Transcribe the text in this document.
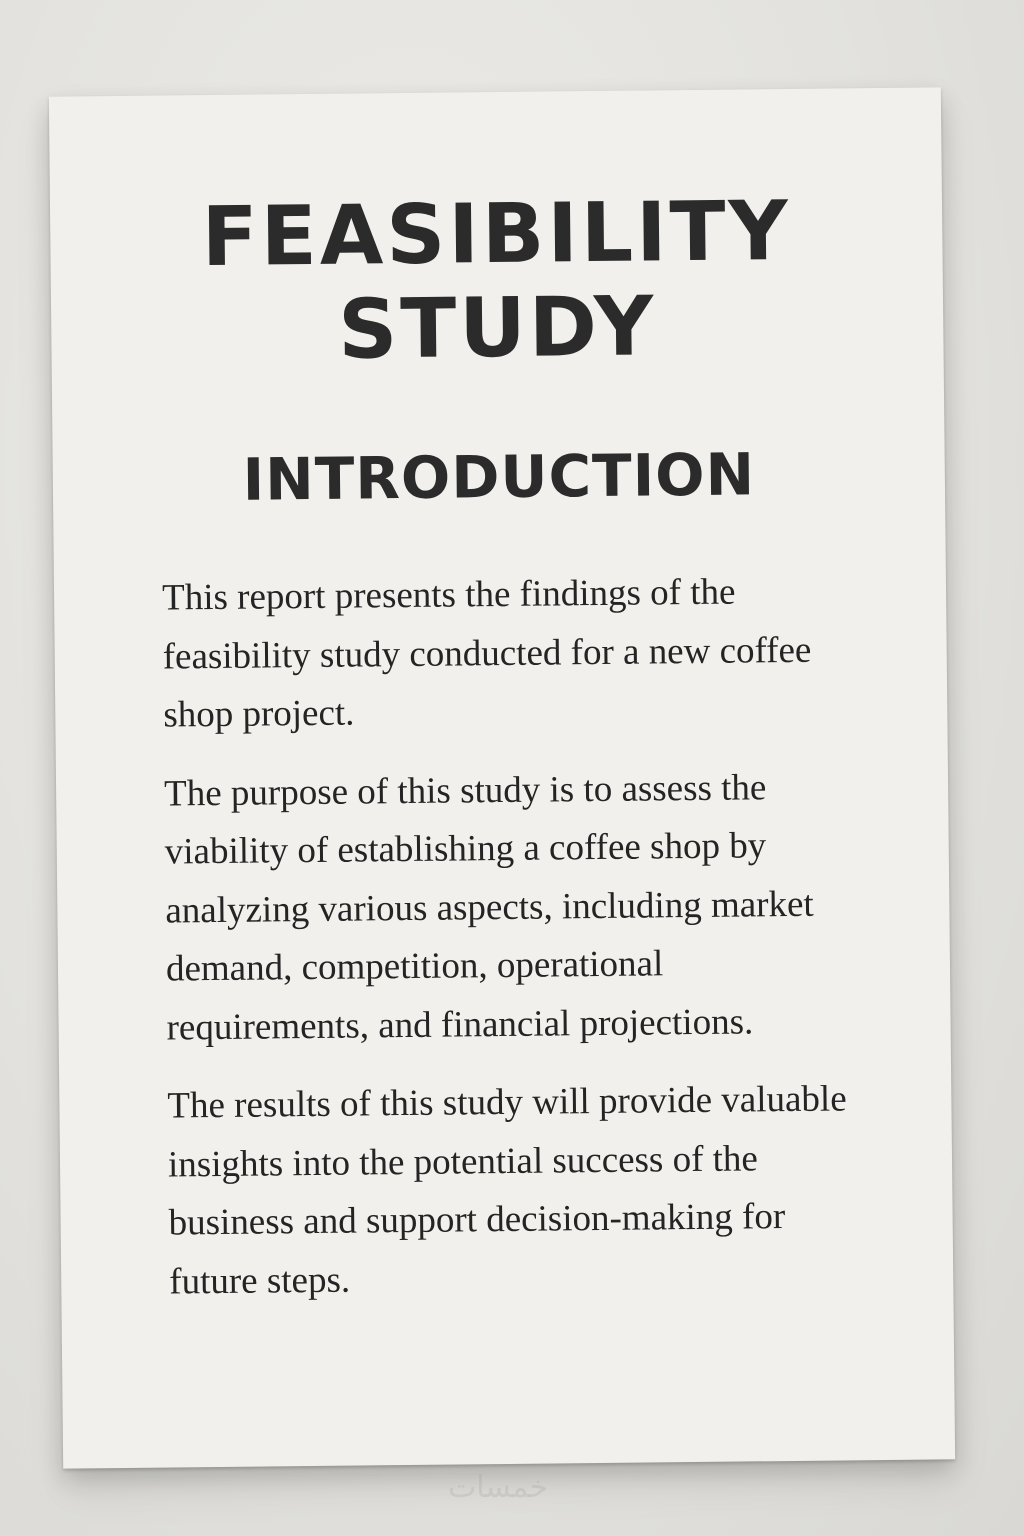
FEASIBILITY
STUDY
INTRODUCTION

This report presents the findings of the feasibility study conducted for a new coffee shop project.

The purpose of this study is to assess the viability of establishing a coffee shop by analyzing various aspects, including market demand, competition, operational requirements, and financial projections.

The results of this study will provide valuable insights into the potential success of the business and support decision-making for future steps.

خمسات
